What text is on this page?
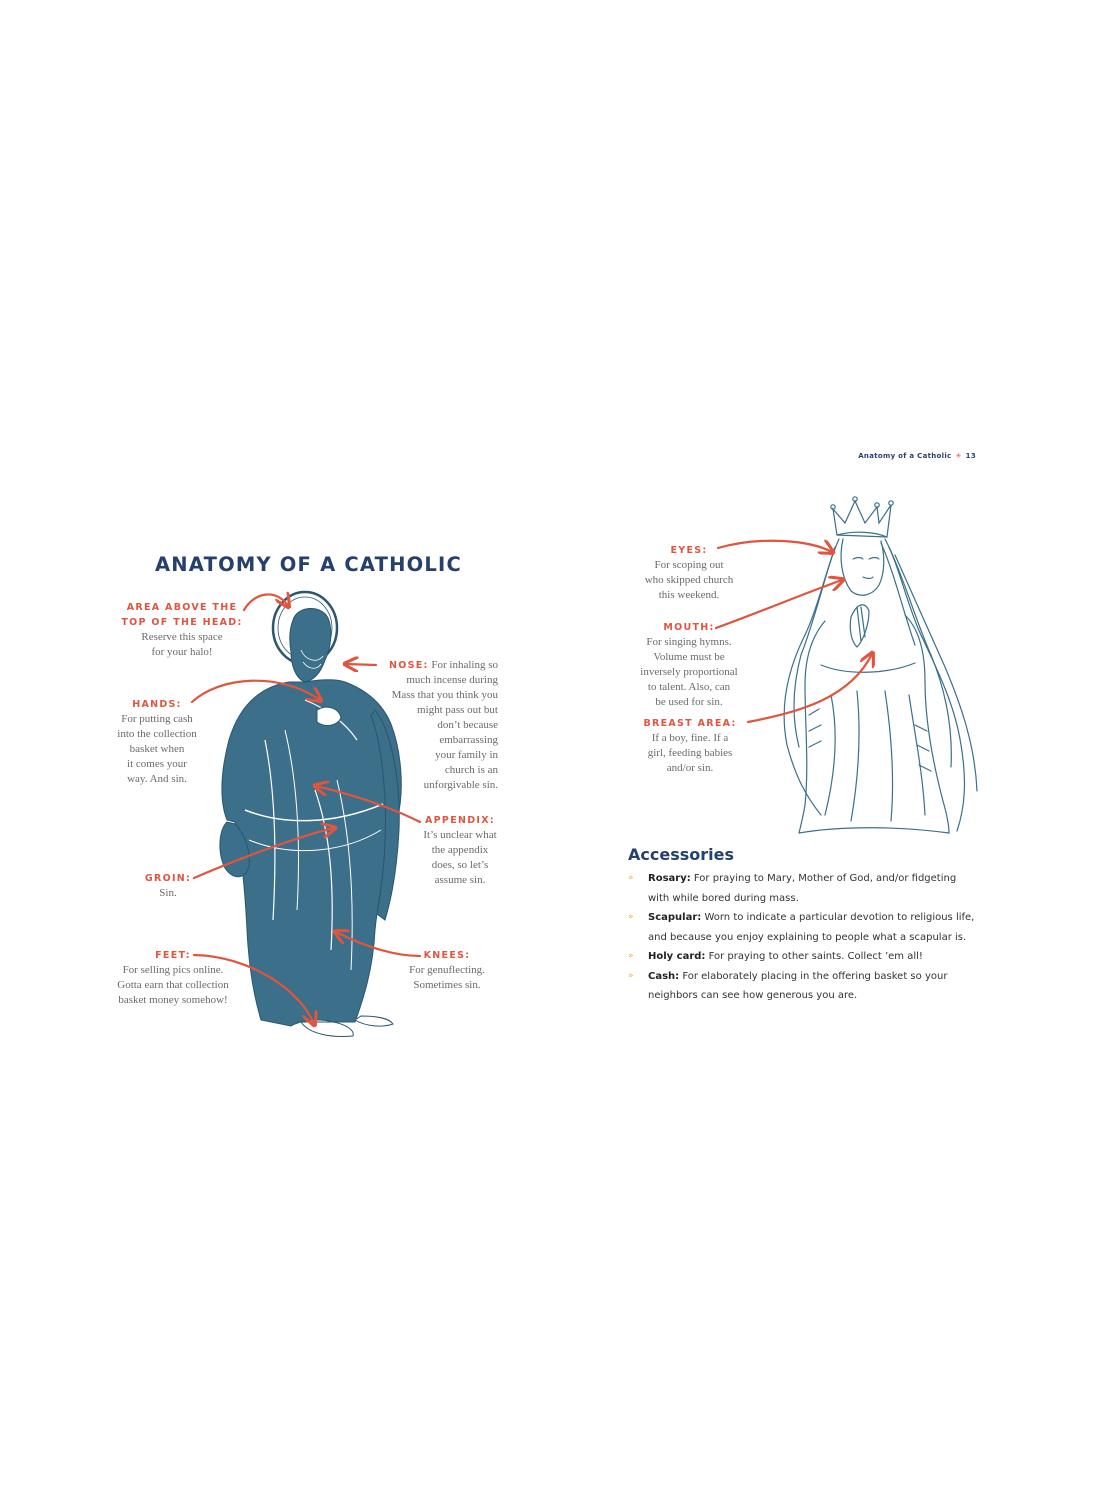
ANATOMY OF A CATHOLIC
AREA ABOVE THE
TOP OF THE HEAD:
Reserve this space
for your halo!
NOSE: For inhaling so
much incense during
Mass that you think you
might pass out but
don’t because
embarrassing
your family in
church is an
unforgivable sin.
HANDS:
For putting cash
into the collection
basket when
it comes your
way. And sin.
APPENDIX:
It’s unclear what
the appendix
does, so let’s
assume sin.
GROIN:
Sin.
FEET:
For selling pics online.
Gotta earn that collection
basket money somehow!
KNEES:
For genuflecting.
Sometimes sin.
Anatomy of a Catholic ✳ 13
EYES:
For scoping out
who skipped church
this weekend.
MOUTH:
For singing hymns.
Volume must be
inversely proportional
to talent. Also, can
be used for sin.
BREAST AREA:
If a boy, fine. If a
girl, feeding babies
and/or sin.
Accessories
» Rosary: For praying to Mary, Mother of God, and/or fidgeting
with while bored during mass.
» Scapular: Worn to indicate a particular devotion to religious life,
and because you enjoy explaining to people what a scapular is.
» Holy card: For praying to other saints. Collect ’em all!
» Cash: For elaborately placing in the offering basket so your
neighbors can see how generous you are.
